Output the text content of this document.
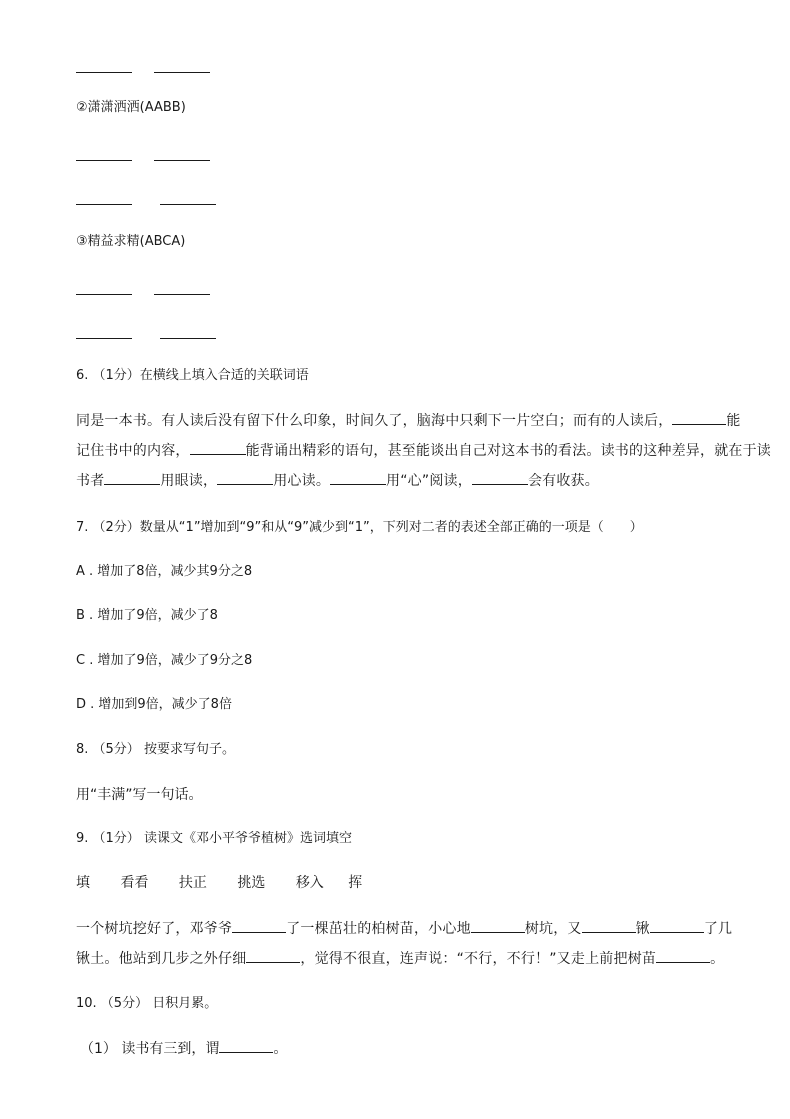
②潇潇洒洒(AABB)
③精益求精(ABCA)
6. （1分）在横线上填入合适的关联词语
同是一本书。有人读后没有留下什么印象，时间久了，脑海中只剩下一片空白；而有的人读后，	能
记住书中的内容，	能背诵出精彩的语句，甚至能谈出自己对这本书的看法。读书的这种差异，就在于读
书者	用眼读，	用心读。	用“心”阅读，	会有收获。
7. （2分）数量从“1”增加到“9”和从“9”减少到“1”，下列对二者的表述全部正确的一项是（　　）
A . 增加了8倍，减少其9分之8
B . 增加了9倍，减少了8
C . 增加了9倍，减少了9分之8
D . 增加到9倍，减少了8倍
8. （5分） 按要求写句子。
用“丰满”写一句话。
9. （1分） 读课文《邓小平爷爷植树》选词填空
填 看看 扶正 挑选 移入 挥
一个树坑挖好了，邓爷爷	了一棵茁壮的柏树苗，小心地	树坑，又	锹	了几
锹土。他站到几步之外仔细	，觉得不很直，连声说：“不行，不行！”又走上前把树苗	。
10. （5分） 日积月累。
（1） 读书有三到，谓	。
